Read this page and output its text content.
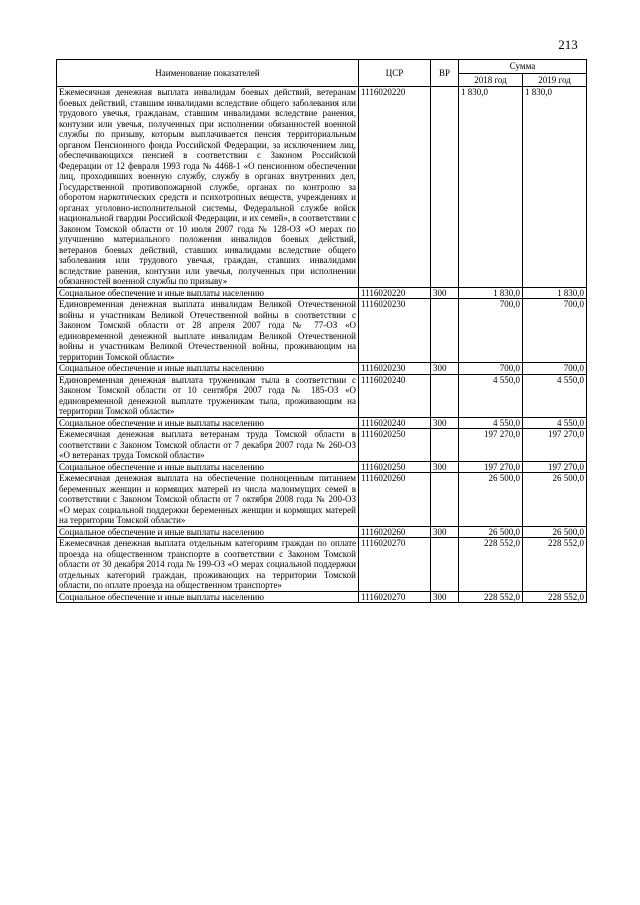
213
Наименование показателей	ЦСР	ВР	Сумма	
			2018 год	2019 год
Ежемесячная денежная выплата инвалидам боевых действий, ветеранам боевых действий, ставшим инвалидами вследствие общего заболевания или трудового увечья, гражданам, ставшим инвалидами вследствие ранения, контузии или увечья, полученных при исполнении обязанностей военной службы по призыву, которым выплачивается пенсия территориальным органом Пенсионного фонда Российской Федерации, за исключением лиц, обеспечивающихся пенсией в соответствии с Законом Российской Федерации от 12 февраля 1993 года № 4468-1 «О пенсионном обеспечении лиц, проходивших военную службу, службу в органах внутренних дел, Государственной противопожарной службе, органах по контролю за оборотом наркотических средств и психотропных веществ, учреждениях и органах уголовно-исполнительной системы, Федеральной службе войск национальной гвардии Российской Федерации, и их семей», в соответствии с Законом Томской области от 10 июля 2007 года № 128-ОЗ «О мерах по улучшению материального положения инвалидов боевых действий, ветеранов боевых действий, ставших инвалидами вследствие общего заболевания или трудового увечья, граждан, ставших инвалидами вследствие ранения, контузии или увечья, полученных при исполнении обязанностей военной службы по призыву»	1116020220		1 830,0	1 830,0
Социальное обеспечение и иные выплаты населению	1116020220	300	1 830,0	1 830,0
Единовременная денежная выплата инвалидам Великой Отечественной войны и участникам Великой Отечественной войны в соответствии с Законом Томской области от 28 апреля 2007 года № 77-ОЗ «О единовременной денежной выплате инвалидам Великой Отечественной войны и участникам Великой Отечественной войны, проживающим на территории Томской области»	1116020230		700,0	700,0
Социальное обеспечение и иные выплаты населению	1116020230	300	700,0	700,0
Единовременная денежная выплата труженикам тыла в соответствии с Законом Томской области от 10 сентября 2007 года № 185-ОЗ «О единовременной денежной выплате труженикам тыла, проживающим на территории Томской области»	1116020240		4 550,0	4 550,0
Социальное обеспечение и иные выплаты населению	1116020240	300	4 550,0	4 550,0
Ежемесячная денежная выплата ветеранам труда Томской области в соответствии с Законом Томской области от 7 декабря 2007 года № 260-ОЗ «О ветеранах труда Томской области»	1116020250		197 270,0	197 270,0
Социальное обеспечение и иные выплаты населению	1116020250	300	197 270,0	197 270,0
Ежемесячная денежная выплата на обеспечение полноценным питанием беременных женщин и кормящих матерей из числа малоимущих семей в соответствии с Законом Томской области от 7 октября 2008 года № 200-ОЗ «О мерах социальной поддержки беременных женщин и кормящих матерей на территории Томской области»	1116020260		26 500,0	26 500,0
Социальное обеспечение и иные выплаты населению	1116020260	300	26 500,0	26 500,0
Ежемесячная денежная выплата отдельным категориям граждан по оплате проезда на общественном транспорте в соответствии с Законом Томской области от 30 декабря 2014 года № 199-ОЗ «О мерах социальной поддержки отдельных категорий граждан, проживающих на территории Томской области, по оплате проезда на общественном транспорте»	1116020270		228 552,0	228 552,0
Социальное обеспечение и иные выплаты населению	1116020270	300	228 552,0	228 552,0
